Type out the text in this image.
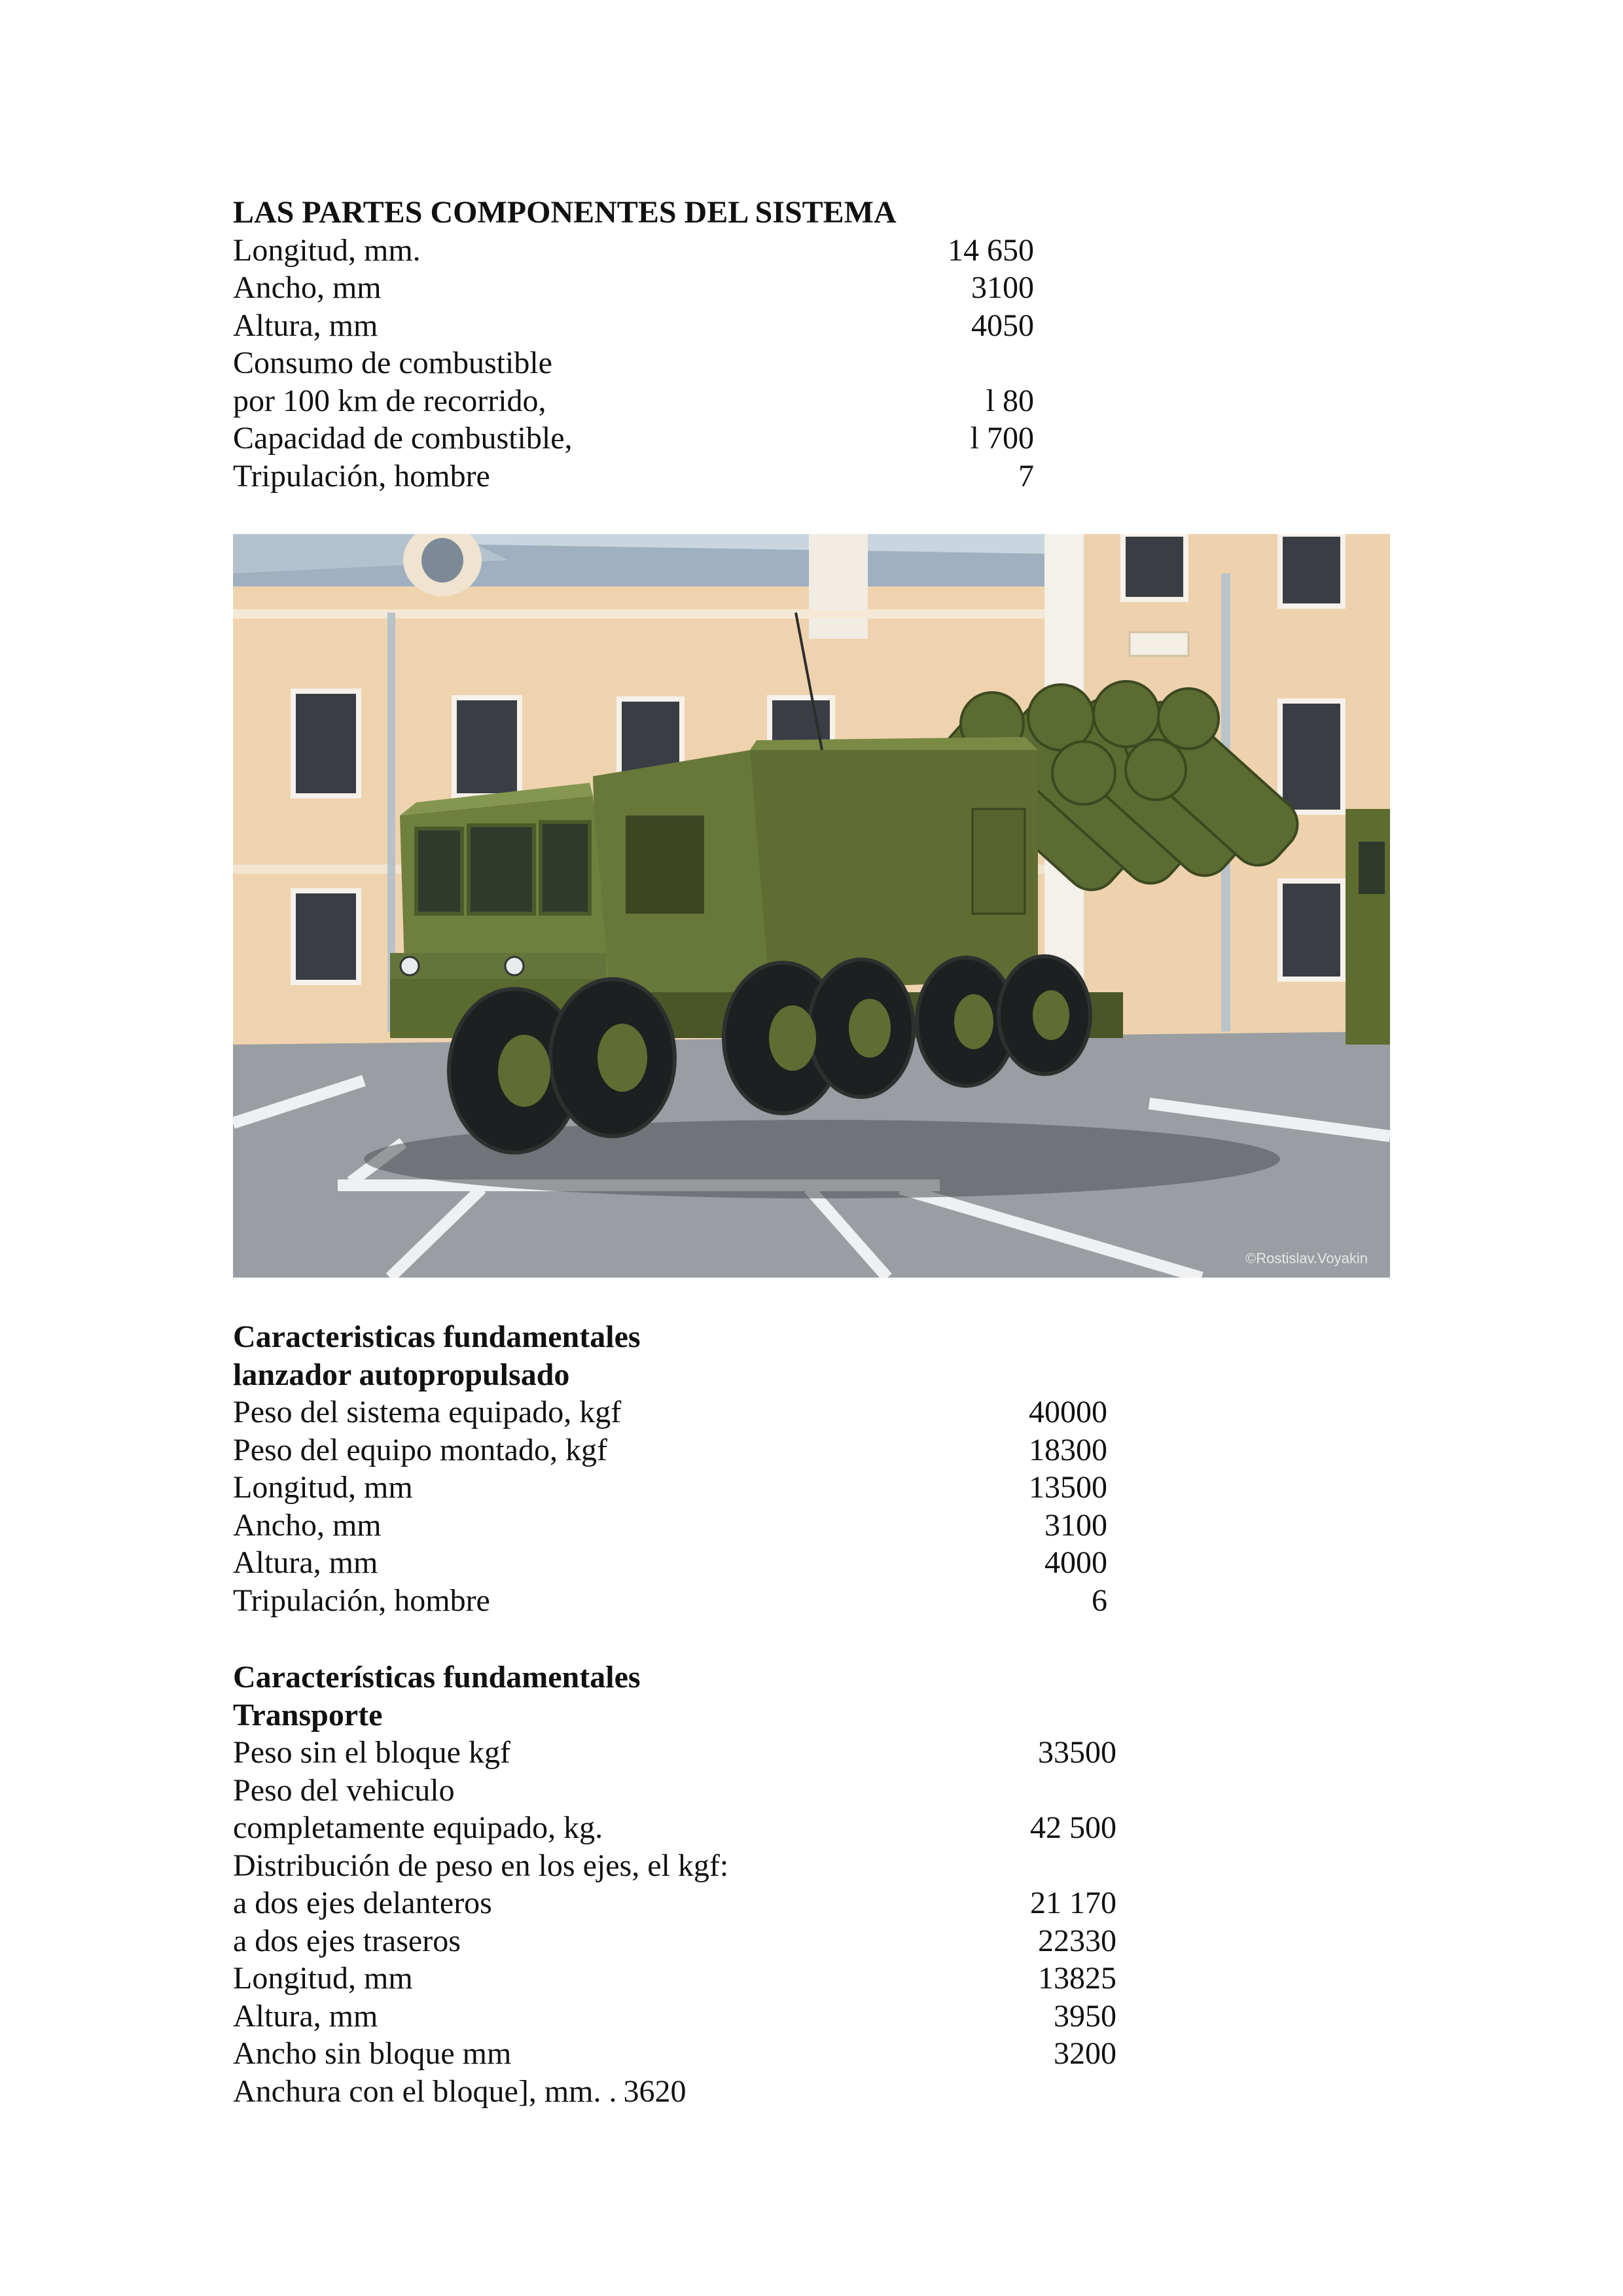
LAS PARTES COMPONENTES DEL SISTEMA
Longitud, mm.	14 650
Ancho, mm	3100
Altura, mm	4050
Consumo de combustible
por 100 km de recorrido,	l 80
Capacidad de combustible,	l 700
Tripulación, hombre	7
©Rostislav.Voyakin
Caracteristicas fundamentales
lanzador autopropulsado
Peso del sistema equipado, kgf	40000
Peso del equipo montado, kgf	18300
Longitud, mm	13500
Ancho, mm	3100
Altura, mm	4000
Tripulación, hombre	6
Características fundamentales
Transporte
Peso sin el bloque kgf	33500
Peso del vehiculo
completamente equipado, kg.	42 500
Distribución de peso en los ejes, el kgf:
a dos ejes delanteros	21 170
a dos ejes traseros	22330
Longitud, mm	13825
Altura, mm	3950
Ancho sin bloque mm	3200
Anchura con el bloque], mm. . 3620
